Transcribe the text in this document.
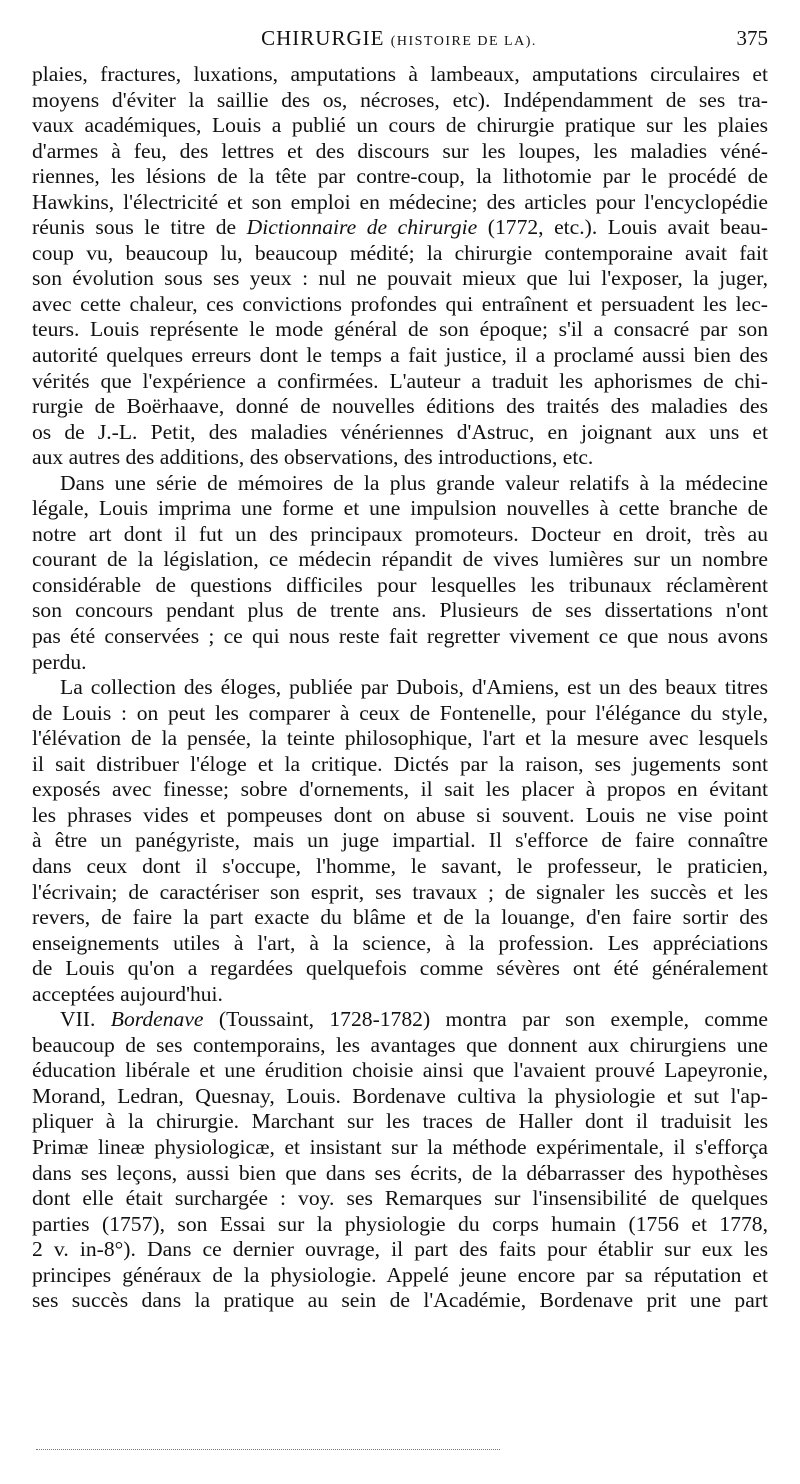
CHIRURGIE (HISTOIRE DE LA).	375
plaies, fractures, luxations, amputations à lambeaux, amputations circulaires et
moyens d'éviter la saillie des os, nécroses, etc). Indépendamment de ses tra-
vaux académiques, Louis a publié un cours de chirurgie pratique sur les plaies
d'armes à feu, des lettres et des discours sur les loupes, les maladies véné-
riennes, les lésions de la tête par contre-coup, la lithotomie par le procédé de
Hawkins, l'électricité et son emploi en médecine; des articles pour l'encyclopédie
réunis sous le titre de Dictionnaire de chirurgie (1772, etc.). Louis avait beau-
coup vu, beaucoup lu, beaucoup médité; la chirurgie contemporaine avait fait
son évolution sous ses yeux : nul ne pouvait mieux que lui l'exposer, la juger,
avec cette chaleur, ces convictions profondes qui entraînent et persuadent les lec-
teurs. Louis représente le mode général de son époque; s'il a consacré par son
autorité quelques erreurs dont le temps a fait justice, il a proclamé aussi bien des
vérités que l'expérience a confirmées. L'auteur a traduit les aphorismes de chi-
rurgie de Boërhaave, donné de nouvelles éditions des traités des maladies des
os de J.-L. Petit, des maladies vénériennes d'Astruc, en joignant aux uns et
aux autres des additions, des observations, des introductions, etc.
Dans une série de mémoires de la plus grande valeur relatifs à la médecine
légale, Louis imprima une forme et une impulsion nouvelles à cette branche de
notre art dont il fut un des principaux promoteurs. Docteur en droit, très au
courant de la législation, ce médecin répandit de vives lumières sur un nombre
considérable de questions difficiles pour lesquelles les tribunaux réclamèrent
son concours pendant plus de trente ans. Plusieurs de ses dissertations n'ont
pas été conservées ; ce qui nous reste fait regretter vivement ce que nous avons
perdu.
La collection des éloges, publiée par Dubois, d'Amiens, est un des beaux titres
de Louis : on peut les comparer à ceux de Fontenelle, pour l'élégance du style,
l'élévation de la pensée, la teinte philosophique, l'art et la mesure avec lesquels
il sait distribuer l'éloge et la critique. Dictés par la raison, ses jugements sont
exposés avec finesse; sobre d'ornements, il sait les placer à propos en évitant
les phrases vides et pompeuses dont on abuse si souvent. Louis ne vise point
à être un panégyriste, mais un juge impartial. Il s'efforce de faire connaître
dans ceux dont il s'occupe, l'homme, le savant, le professeur, le praticien,
l'écrivain; de caractériser son esprit, ses travaux ; de signaler les succès et les
revers, de faire la part exacte du blâme et de la louange, d'en faire sortir des
enseignements utiles à l'art, à la science, à la profession. Les appréciations
de Louis qu'on a regardées quelquefois comme sévères ont été généralement
acceptées aujourd'hui.
VII. Bordenave (Toussaint, 1728-1782) montra par son exemple, comme
beaucoup de ses contemporains, les avantages que donnent aux chirurgiens une
éducation libérale et une érudition choisie ainsi que l'avaient prouvé Lapeyronie,
Morand, Ledran, Quesnay, Louis. Bordenave cultiva la physiologie et sut l'ap-
pliquer à la chirurgie. Marchant sur les traces de Haller dont il traduisit les
Primæ lineæ physiologicæ, et insistant sur la méthode expérimentale, il s'efforça
dans ses leçons, aussi bien que dans ses écrits, de la débarrasser des hypothèses
dont elle était surchargée : voy. ses Remarques sur l'insensibilité de quelques
parties (1757), son Essai sur la physiologie du corps humain (1756 et 1778,
2 v. in-8°). Dans ce dernier ouvrage, il part des faits pour établir sur eux les
principes généraux de la physiologie. Appelé jeune encore par sa réputation et
ses succès dans la pratique au sein de l'Académie, Bordenave prit une part
